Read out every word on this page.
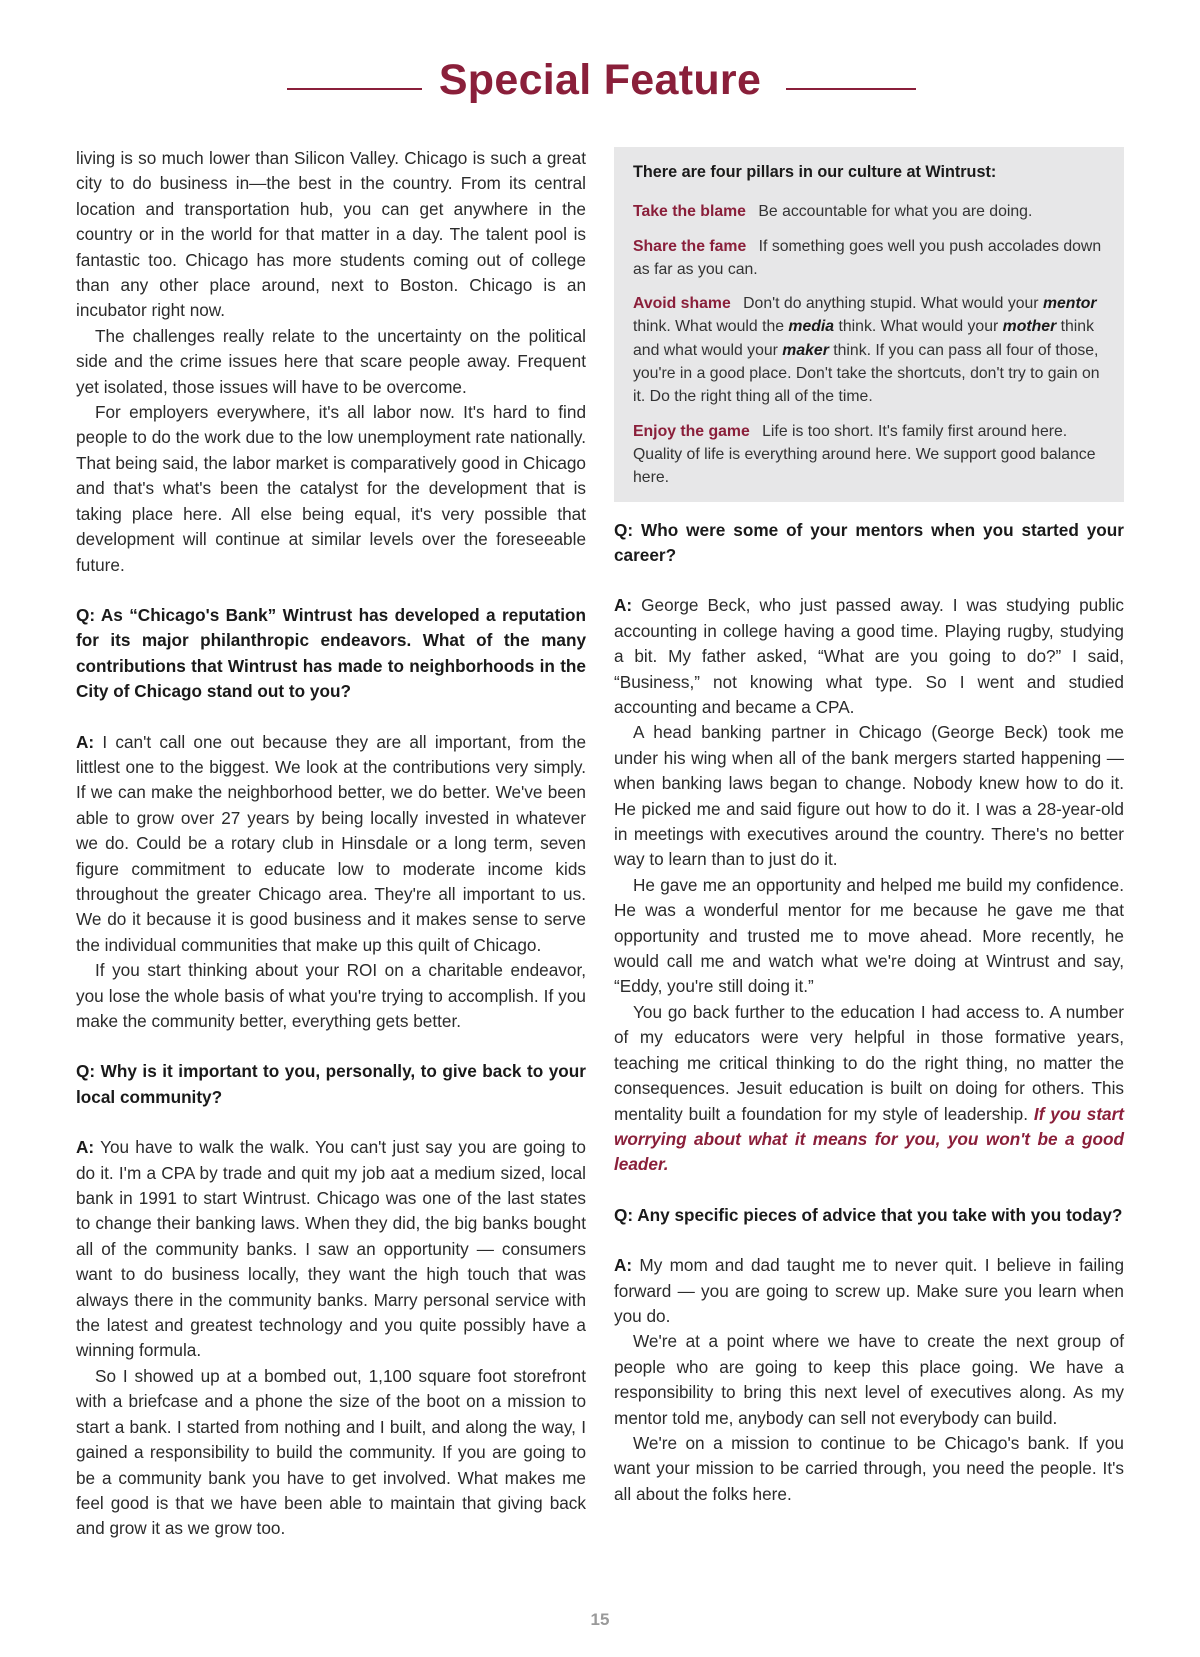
Special Feature

living is so much lower than Silicon Valley. Chicago is such a great city to do business in—the best in the country. From its central location and transportation hub, you can get anywhere in the country or in the world for that matter in a day. The talent pool is fantastic too. Chicago has more students coming out of college than any other place around, next to Boston. Chicago is an incubator right now.

The challenges really relate to the uncertainty on the political side and the crime issues here that scare people away. Frequent yet isolated, those issues will have to be overcome.

For employers everywhere, it's all labor now. It's hard to find people to do the work due to the low unemployment rate nationally. That being said, the labor market is comparatively good in Chicago and that's what's been the catalyst for the development that is taking place here. All else being equal, it's very possible that development will continue at similar levels over the foreseeable future.

Q: As “Chicago's Bank” Wintrust has developed a reputation for its major philanthropic endeavors. What of the many contributions that Wintrust has made to neighborhoods in the City of Chicago stand out to you?

A: I can't call one out because they are all important, from the littlest one to the biggest. We look at the contributions very simply. If we can make the neighborhood better, we do better. We've been able to grow over 27 years by being locally invested in whatever we do. Could be a rotary club in Hinsdale or a long term, seven figure commitment to educate low to moderate income kids throughout the greater Chicago area. They're all important to us. We do it because it is good business and it makes sense to serve the individual communities that make up this quilt of Chicago.

If you start thinking about your ROI on a charitable endeavor, you lose the whole basis of what you're trying to accomplish. If you make the community better, everything gets better.

Q: Why is it important to you, personally, to give back to your local community?

A: You have to walk the walk. You can't just say you are going to do it. I'm a CPA by trade and quit my job aat a medium sized, local bank in 1991 to start Wintrust. Chicago was one of the last states to change their banking laws. When they did, the big banks bought all of the community banks. I saw an opportunity — consumers want to do business locally, they want the high touch that was always there in the community banks. Marry personal service with the latest and greatest technology and you quite possibly have a winning formula.

So I showed up at a bombed out, 1,100 square foot storefront with a briefcase and a phone the size of the boot on a mission to start a bank. I started from nothing and I built, and along the way, I gained a responsibility to build the community. If you are going to be a community bank you have to get involved. What makes me feel good is that we have been able to maintain that giving back and grow it as we grow too.

There are four pillars in our culture at Wintrust:
Take the blame Be accountable for what you are doing.
Share the fame If something goes well you push accolades down as far as you can.
Avoid shame Don't do anything stupid. What would your mentor think. What would the media think. What would your mother think and what would your maker think. If you can pass all four of those, you're in a good place. Don't take the shortcuts, don't try to gain on it. Do the right thing all of the time.
Enjoy the game Life is too short. It's family first around here. Quality of life is everything around here. We support good balance here.

Q: Who were some of your mentors when you started your career?

A: George Beck, who just passed away. I was studying public accounting in college having a good time. Playing rugby, studying a bit. My father asked, “What are you going to do?” I said, “Business,” not knowing what type. So I went and studied accounting and became a CPA.

A head banking partner in Chicago (George Beck) took me under his wing when all of the bank mergers started happening — when banking laws began to change. Nobody knew how to do it. He picked me and said figure out how to do it. I was a 28-year-old in meetings with executives around the country. There's no better way to learn than to just do it.

He gave me an opportunity and helped me build my confidence. He was a wonderful mentor for me because he gave me that opportunity and trusted me to move ahead. More recently, he would call me and watch what we're doing at Wintrust and say, “Eddy, you're still doing it.”

You go back further to the education I had access to. A number of my educators were very helpful in those formative years, teaching me critical thinking to do the right thing, no matter the consequences. Jesuit education is built on doing for others. This mentality built a foundation for my style of leadership. If you start worrying about what it means for you, you won't be a good leader.

Q: Any specific pieces of advice that you take with you today?

A: My mom and dad taught me to never quit. I believe in failing forward — you are going to screw up. Make sure you learn when you do.

We're at a point where we have to create the next group of people who are going to keep this place going. We have a responsibility to bring this next level of executives along. As my mentor told me, anybody can sell not everybody can build.

We're on a mission to continue to be Chicago's bank. If you want your mission to be carried through, you need the people. It's all about the folks here.

15
